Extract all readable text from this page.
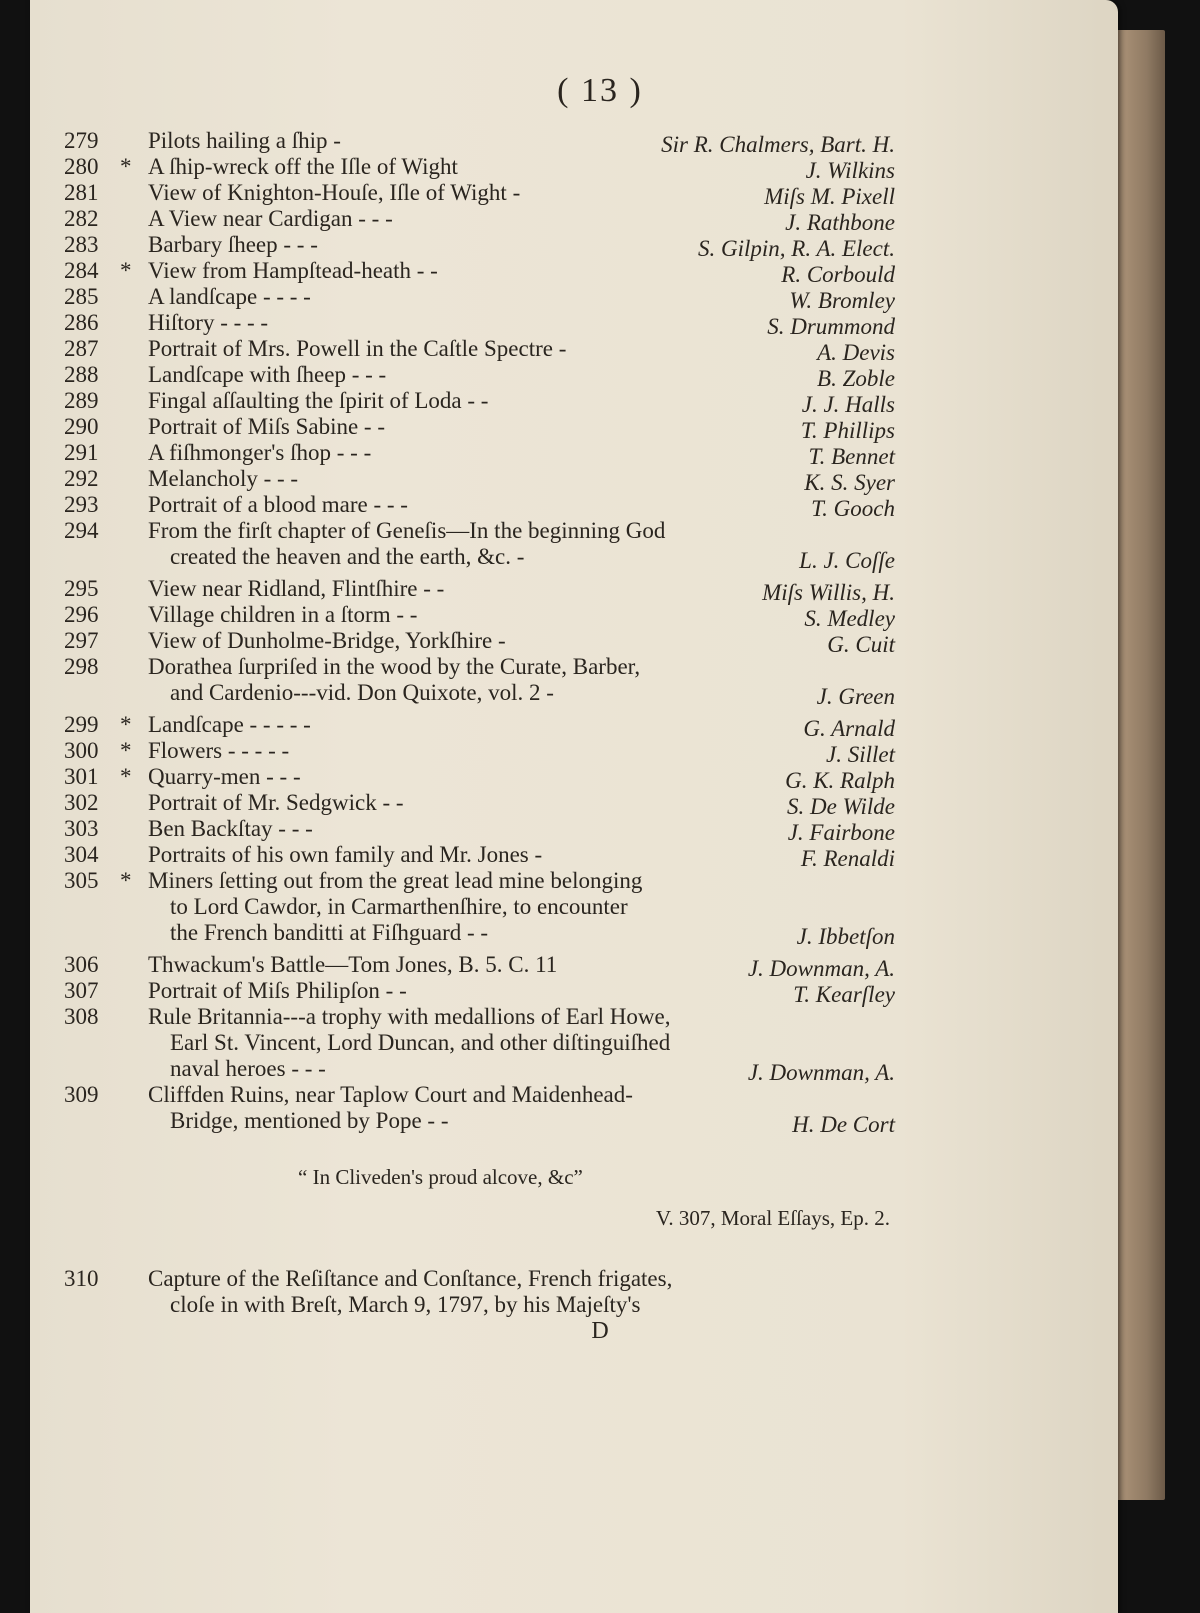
( 13 )
279	Pilots hailing a ſhip -	Sir R. Chalmers, Bart. H.
280 * A ſhip-wreck off the Iſle of Wight	J. Wilkins
281	View of Knighton-Houſe, Iſle of Wight -	Miſs M. Pixell
282	A View near Cardigan - - -	J. Rathbone
283	Barbary ſheep - - -	S. Gilpin, R. A. Elect.
284 * View from Hampſtead-heath - -	R. Corbould
285	A landſcape - - - -	W. Bromley
286	Hiſtory - - - -	S. Drummond
287	Portrait of Mrs. Powell in the Caſtle Spectre -	A. Devis
288	Landſcape with ſheep - - -	B. Zoble
289	Fingal aſſaulting the ſpirit of Loda - -	J. J. Halls
290	Portrait of Miſs Sabine - -	T. Phillips
291	A fiſhmonger's ſhop - - -	T. Bennet
292	Melancholy - - -	K. S. Syer
293	Portrait of a blood mare - - -	T. Gooch
294	From the firſt chapter of Geneſis—In the beginning God
created the heaven and the earth, &c. -	L. J. Coſſe
295	View near Ridland, Flintſhire - -	Miſs Willis, H.
296	Village children in a ſtorm - -	S. Medley
297	View of Dunholme-Bridge, Yorkſhire -	G. Cuit
298	Dorathea ſurpriſed in the wood by the Curate, Barber,
and Cardenio---vid. Don Quixote, vol. 2 -	J. Green
299 * Landſcape - - - - -	G. Arnald
300 * Flowers - - - - -	J. Sillet
301 * Quarry-men - - -	G. K. Ralph
302	Portrait of Mr. Sedgwick - -	S. De Wilde
303	Ben Backſtay - - -	J. Fairbone
304	Portraits of his own family and Mr. Jones -	F. Renaldi
305 * Miners ſetting out from the great lead mine belonging
to Lord Cawdor, in Carmarthenſhire, to encounter
the French banditti at Fiſhguard - -	J. Ibbetſon
306	Thwackum's Battle—Tom Jones, B. 5. C. 11	J. Downman, A.
307	Portrait of Miſs Philipſon - -	T. Kearſley
308	Rule Britannia---a trophy with medallions of Earl Howe,
Earl St. Vincent, Lord Duncan, and other diſtinguiſhed
naval heroes - - -	J. Downman, A.
309	Cliffden Ruins, near Taplow Court and Maidenhead-
Bridge, mentioned by Pope - -	H. De Cort
“ In Cliveden's proud alcove, &c”
V. 307, Moral Eſſays, Ep. 2.
310	Capture of the Reſiſtance and Conſtance, French frigates,
cloſe in with Breſt, March 9, 1797, by his Majeſty's
D
